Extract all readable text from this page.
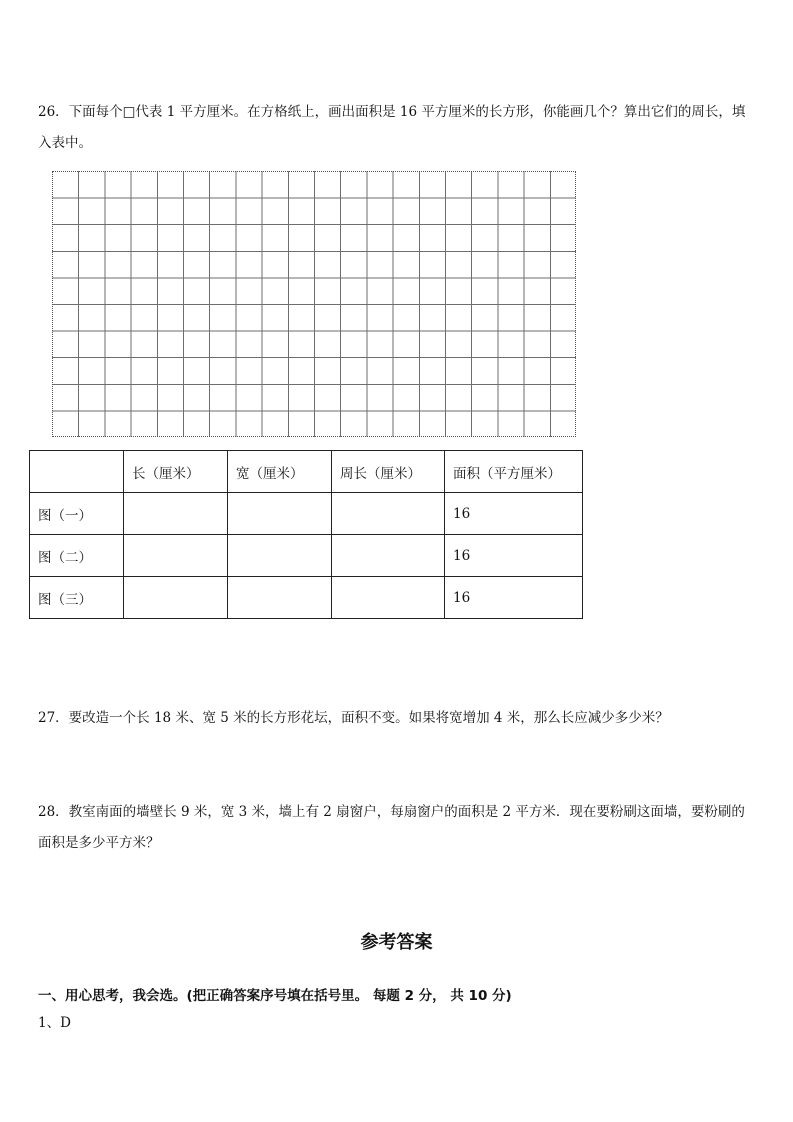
26．下面每个□代表 1 平方厘米。在方格纸上，画出面积是 16 平方厘米的长方形，你能画几个？算出它们的周长，填入表中。
	长（厘米）	宽（厘米）	周长（厘米）	面积（平方厘米）
图（一）				16
图（二）				16
图（三）				16
27．要改造一个长 18 米、宽 5 米的长方形花坛，面积不变。如果将宽增加 4 米，那么长应减少多少米？
28．教室南面的墙壁长 9 米，宽 3 米，墙上有 2 扇窗户，每扇窗户的面积是 2 平方米．现在要粉刷这面墙，要粉刷的面积是多少平方米？
参考答案
一、用心思考，我会选。(把正确答案序号填在括号里。 每题 2 分， 共 10 分)
1、D
